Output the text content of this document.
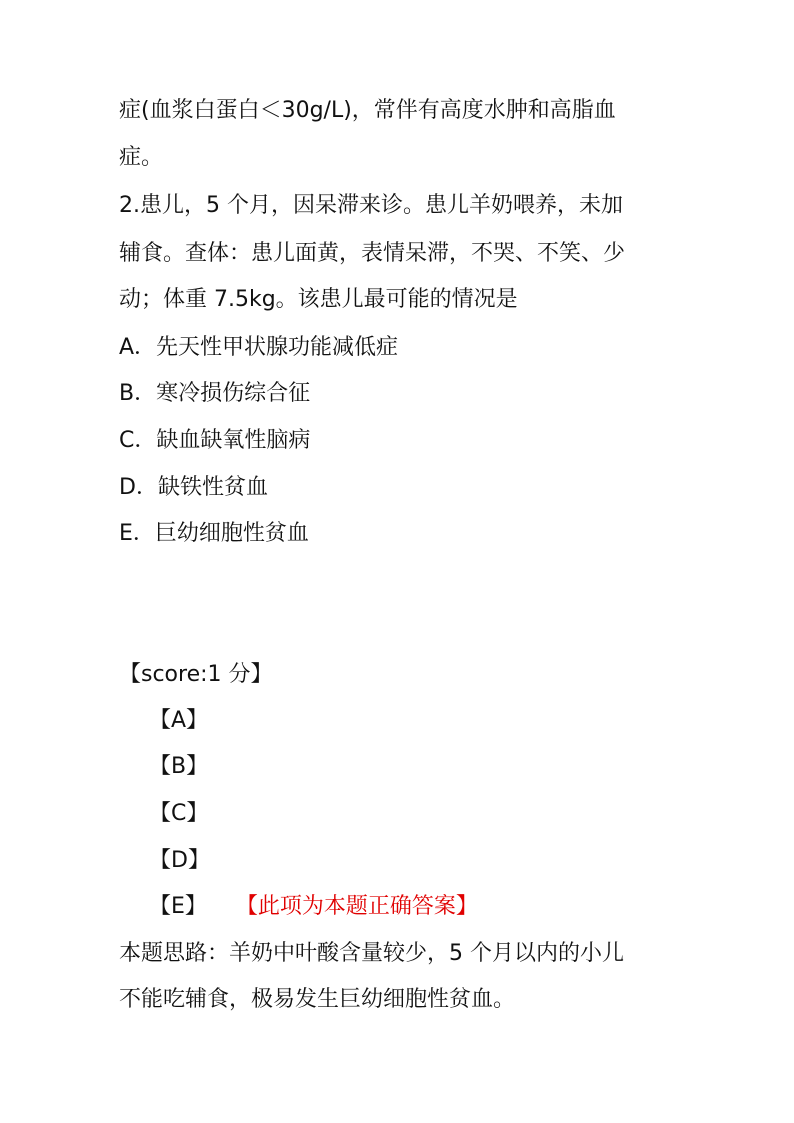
症(血浆白蛋白＜30g/L)，常伴有高度水肿和高脂血
症。
2.患儿，5 个月，因呆滞来诊。患儿羊奶喂养，未加
辅食。查体：患儿面黄，表情呆滞，不哭、不笑、少
动；体重 7.5kg。该患儿最可能的情况是
A．先天性甲状腺功能减低症
B．寒冷损伤综合征
C．缺血缺氧性脑病
D．缺铁性贫血
E．巨幼细胞性贫血
【score:1 分】
【A】
【B】
【C】
【D】
【E】 【此项为本题正确答案】
本题思路：羊奶中叶酸含量较少，5 个月以内的小儿
不能吃辅食，极易发生巨幼细胞性贫血。
